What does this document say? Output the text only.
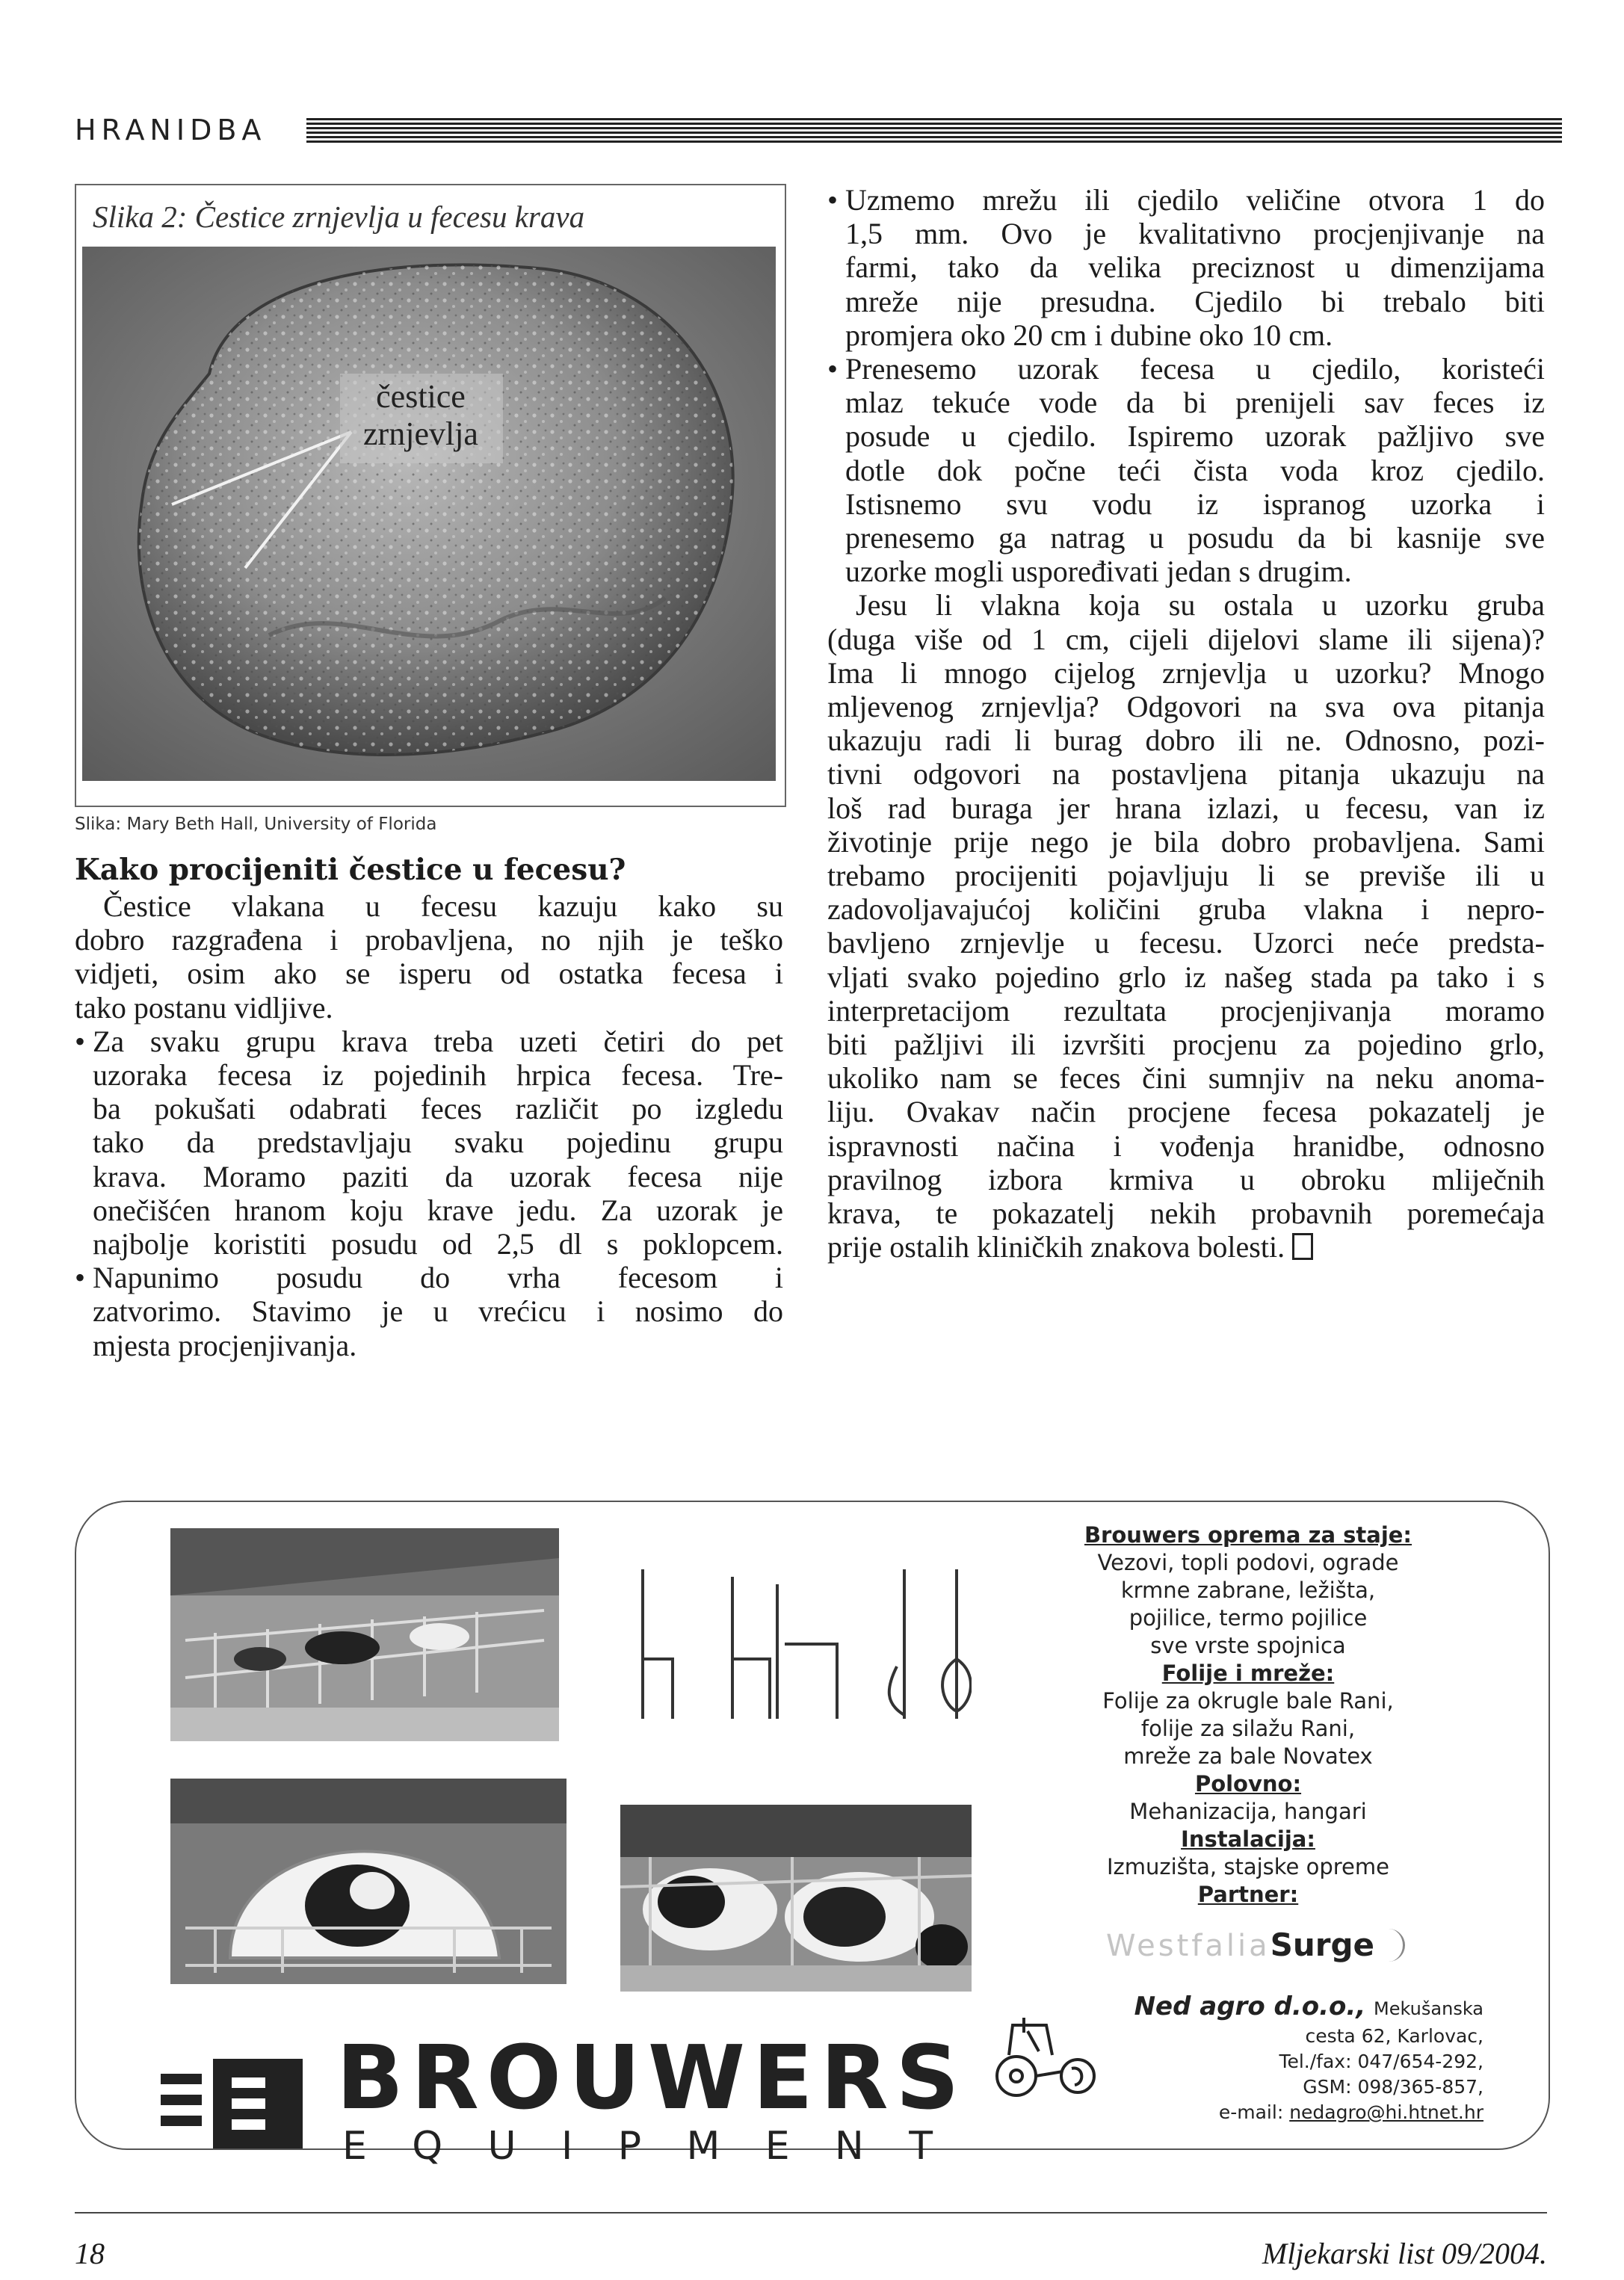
HRANIDBA
Slika 2: Čestice zrnjevlja u fecesu krava
čestice
zrnjevlja
Slika: Mary Beth Hall, University of Florida
Kako procijeniti čestice u fecesu?
Čestice vlakana u fecesu kazuju kako su
dobro razgrađena i probavljena, no njih je teško
vidjeti, osim ako se isperu od ostatka fecesa i
tako postanu vidljive.
• Za svaku grupu krava treba uzeti četiri do pet
uzoraka fecesa iz pojedinih hrpica fecesa. Tre-
ba pokušati odabrati feces različit po izgledu
tako da predstavljaju svaku pojedinu grupu
krava. Moramo paziti da uzorak fecesa nije
onečišćen hranom koju krave jedu. Za uzorak je
najbolje koristiti posudu od 2,5 dl s poklopcem.
• Napunimo posudu do vrha fecesom i
zatvorimo. Stavimo je u vrećicu i nosimo do
mjesta procjenjivanja.
• Uzmemo mrežu ili cjedilo veličine otvora 1 do
1,5 mm. Ovo je kvalitativno procjenjivanje na
farmi, tako da velika preciznost u dimenzijama
mreže nije presudna. Cjedilo bi trebalo biti
promjera oko 20 cm i dubine oko 10 cm.
• Prenesemo uzorak fecesa u cjedilo, koristeći
mlaz tekuće vode da bi prenijeli sav feces iz
posude u cjedilo. Ispiremo uzorak pažljivo sve
dotle dok počne teći čista voda kroz cjedilo.
Istisnemo svu vodu iz ispranog uzorka i
prenesemo ga natrag u posudu da bi kasnije sve
uzorke mogli uspoređivati jedan s drugim.
Jesu li vlakna koja su ostala u uzorku gruba
(duga više od 1 cm, cijeli dijelovi slame ili sijena)?
Ima li mnogo cijelog zrnjevlja u uzorku? Mnogo
mljevenog zrnjevlja? Odgovori na sva ova pitanja
ukazuju radi li burag dobro ili ne. Odnosno, pozi-
tivni odgovori na postavljena pitanja ukazuju na
loš rad buraga jer hrana izlazi, u fecesu, van iz
životinje prije nego je bila dobro probavljena. Sami
trebamo procijeniti pojavljuju li se previše ili u
zadovoljavajućoj količini gruba vlakna i nepro-
bavljeno zrnjevlje u fecesu. Uzorci neće predsta-
vljati svako pojedino grlo iz našeg stada pa tako i s
interpretacijom rezultata procjenjivanja moramo
biti pažljivi ili izvršiti procjenu za pojedino grlo,
ukoliko nam se feces čini sumnjiv na neku anoma-
liju. Ovakav način procjene fecesa pokazatelj je
ispravnosti načina i vođenja hranidbe, odnosno
pravilnog izbora krmiva u obroku mliječnih
krava, te pokazatelj nekih probavnih poremećaja
prije ostalih kliničkih znakova bolesti.
Brouwers oprema za staje:
Vezovi, topli podovi, ograde
krmne zabrane, ležišta,
pojilice, termo pojilice
sve vrste spojnica
Folije i mreže:
Folije za okrugle bale Rani,
folije za silažu Rani,
mreže za bale Novatex
Polovno:
Mehanizacija, hangari
Instalacija:
Izmuzišta, stajske opreme
Partner:
WestfaliaSurge
Ned agro d.o.o., Mekušanska
cesta 62, Karlovac,
Tel./fax: 047/654-292,
GSM: 098/365-857,
e-mail: nedagro@hi.htnet.hr
BROUWERS
E Q U I P M E N T
18	Mljekarski list 09/2004.
